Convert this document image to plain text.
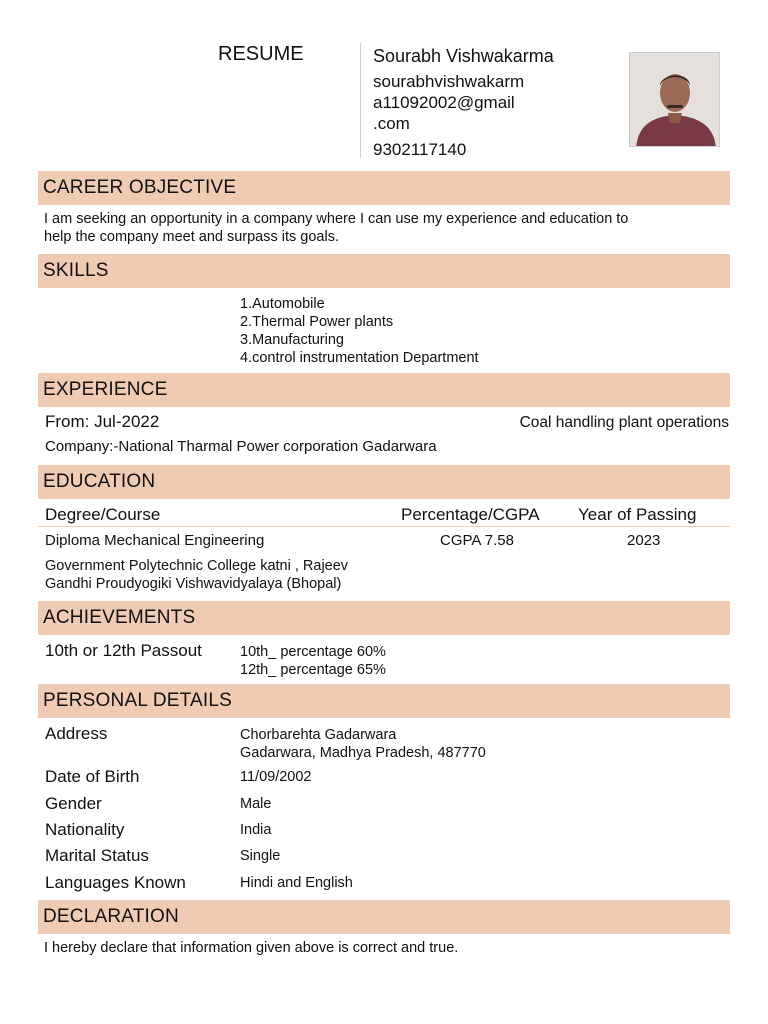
RESUME	Sourabh Vishwakarma
sourabhvishwakarm
a11092002@gmail
.com
9302117140
CAREER OBJECTIVE
I am seeking an opportunity in a company where I can use my experience and education to
help the company meet and surpass its goals.
SKILLS
1.Automobile
2.Thermal Power plants
3.Manufacturing
4.control instrumentation Department
EXPERIENCE
From: Jul-2022	Coal handling plant operations
Company:-National Tharmal Power corporation Gadarwara
EDUCATION
Degree/Course	Percentage/CGPA Year of Passing
Diploma Mechanical Engineering	CGPA 7.58	2023
Government Polytechnic College katni , Rajeev
Gandhi Proudyogiki Vishwavidyalaya (Bhopal)
ACHIEVEMENTS
10th or 12th Passout	10th_ percentage 60%
12th_ percentage 65%
PERSONAL DETAILS
Address	Chorbarehta Gadarwara
Gadarwara, Madhya Pradesh, 487770
Date of Birth	11/09/2002
Gender	Male
Nationality	India
Marital Status	Single
Languages Known	Hindi and English
DECLARATION
I hereby declare that information given above is correct and true.
